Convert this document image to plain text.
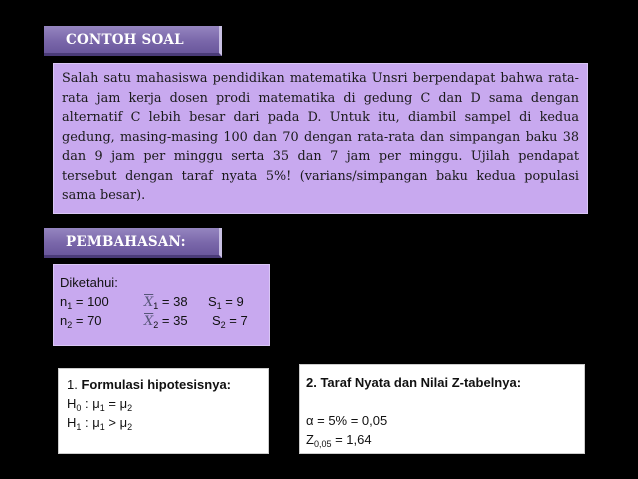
CONTOH SOAL
Salah satu mahasiswa pendidikan matematika Unsri berpendapat bahwa rata-rata jam kerja dosen prodi matematika di gedung C dan D sama dengan alternatif C lebih besar dari pada D. Untuk itu, diambil sampel di kedua gedung, masing-masing 100 dan 70 dengan rata-rata dan simpangan baku 38 dan 9 jam per minggu serta 35 dan 7 jam per minggu. Ujilah pendapat tersebut dengan taraf nyata 5%! (varians/simpangan baku kedua populasi sama besar).
PEMBAHASAN:
Diketahui:
$n_1 = 100$	$\overline{X}_1 = 38$ $S_1 = 9$
$n_2 = 70$	$\overline{X}_2 = 35$ $S_2 = 7$
1. Formulasi hipotesisnya:
$H_0$ : $\mu_1 = \mu_2$
$H_1$ : $\mu_1 > \mu_2$
2. Taraf Nyata dan Nilai Z-tabelnya:
α = 5% = 0,05
$Z_{0,05} = 1,64$
